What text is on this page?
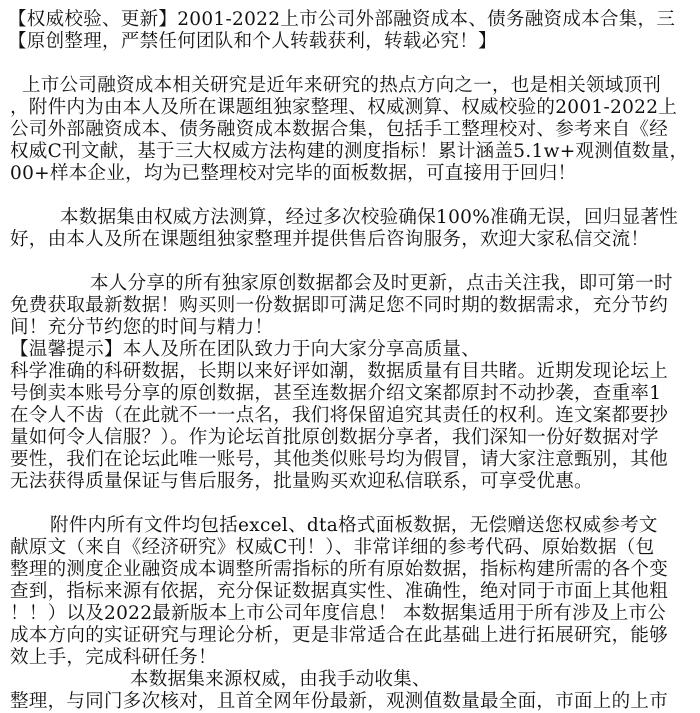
【权威校验、更新】2001-2022上市公司外部融资成本、债务融资成本合集，三
【原创整理，严禁任何团队和个人转载获利，转载必究！】
上市公司融资成本相关研究是近年来研究的热点方向之一，也是相关领域顶刊
，附件内为由本人及所在课题组独家整理、权威测算、权威校验的2001-2022上
公司外部融资成本、债务融资成本数据合集，包括手工整理校对、参考来自《经
权威C刊文献，基于三大权威方法构建的测度指标！累计涵盖5.1w+观测值数量，
00+样本企业，均为已整理校对完毕的面板数据，可直接用于回归！
本数据集由权威方法测算，经过多次校验确保100%准确无误，回归显著性
好，由本人及所在课题组独家整理并提供售后咨询服务，欢迎大家私信交流！
本人分享的所有独家原创数据都会及时更新，点击关注我，即可第一时
免费获取最新数据！购买则一份数据即可满足您不同时期的数据需求，充分节约
间！充分节约您的时间与精力！
【温馨提示】本人及所在团队致力于向大家分享高质量、
科学准确的科研数据，长期以来好评如潮，数据质量有目共睹。近期发现论坛上
号倒卖本账号分享的原创数据，甚至连数据介绍文案都原封不动抄袭，查重率1
在令人不齿（在此就不一一点名，我们将保留追究其责任的权利。连文案都要抄
量如何令人信服？）。作为论坛首批原创数据分享者，我们深知一份好数据对学
要性，我们在论坛此唯一账号，其他类似账号均为假冒，请大家注意甄别，其他
无法获得质量保证与售后服务，批量购买欢迎私信联系，可享受优惠。
附件内所有文件均包括excel、dta格式面板数据，无偿赠送您权威参考文
献原文（来自《经济研究》权威C刊！）、非常详细的参考代码、原始数据（包
整理的测度企业融资成本调整所需指标的所有原始数据，指标构建所需的各个变
查到，指标来源有依据，充分保证数据真实性、准确性，绝对同于市面上其他粗
！！）以及2022最新版本上市公司年度信息！ 本数据集适用于所有涉及上市公
成本方向的实证研究与理论分析，更是非常适合在此基础上进行拓展研究，能够
效上手，完成科研任务！
本数据集来源权威，由我手动收集、
整理，与同门多次核对，且首全网年份最新，观测值数量最全面，市面上的上市
